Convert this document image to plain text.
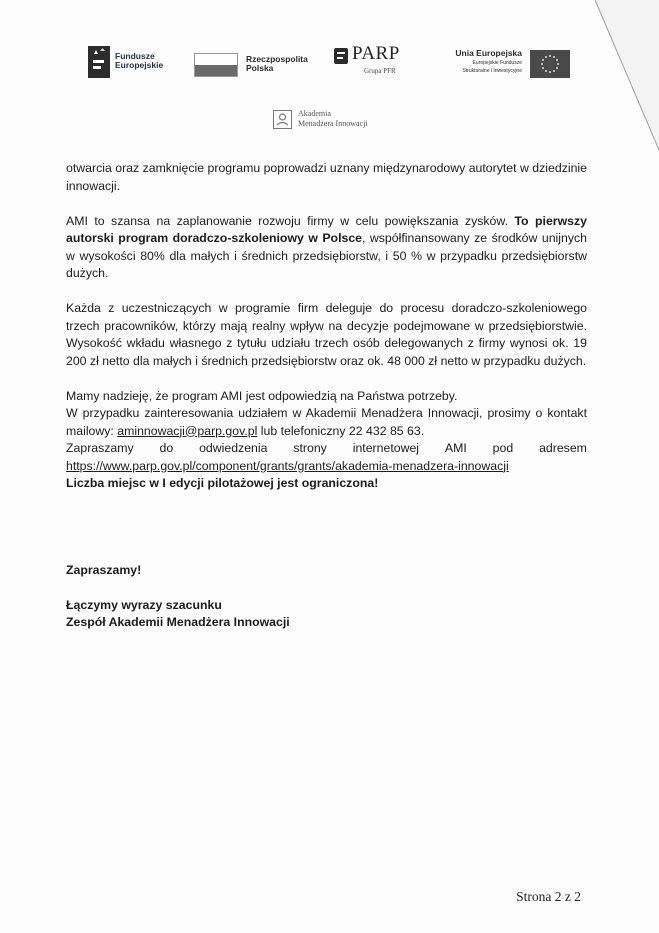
Fundusze
Europejskie
Rzeczpospolita
Polska
PARP
Grupa PFR
Unia Europejska
Europejskie Fundusze
Strukturalne i Inwestycyjne
Akademia
Menadżera Innowacji

otwarcia oraz zamknięcie programu poprowadzi uznany międzynarodowy autorytet w dziedzinie innowacji.

AMI to szansa na zaplanowanie rozwoju firmy w celu powiększania zysków. To pierwszy autorski program doradczo-szkoleniowy w Polsce, współfinansowany ze środków unijnych w wysokości 80% dla małych i średnich przedsiębiorstw, i 50 % w przypadku przedsiębiorstw dużych.

Każda z uczestniczących w programie firm deleguje do procesu doradczo-szkoleniowego trzech pracowników, którzy mają realny wpływ na decyzje podejmowane w przedsiębiorstwie. Wysokość wkładu własnego z tytułu udziału trzech osób delegowanych z firmy wynosi ok. 19 200 zł netto dla małych i średnich przedsiębiorstw oraz ok. 48 000 zł netto w przypadku dużych.

Mamy nadzieję, że program AMI jest odpowiedzią na Państwa potrzeby.

W przypadku zainteresowania udziałem w Akademii Menadżera Innowacji, prosimy o kontakt mailowy: aminnowacji@parp.gov.pl lub telefoniczny 22 432 85 63.

Zapraszamy do odwiedzenia strony internetowej AMI pod adresem

https://www.parp.gov.pl/component/grants/grants/akademia-menadzera-innowacji

Liczba miejsc w I edycji pilotażowej jest ograniczona!

Zapraszamy!
Łączymy wyrazy szacunku
Zespół Akademii Menadżera Innowacji
Strona 2 z 2
